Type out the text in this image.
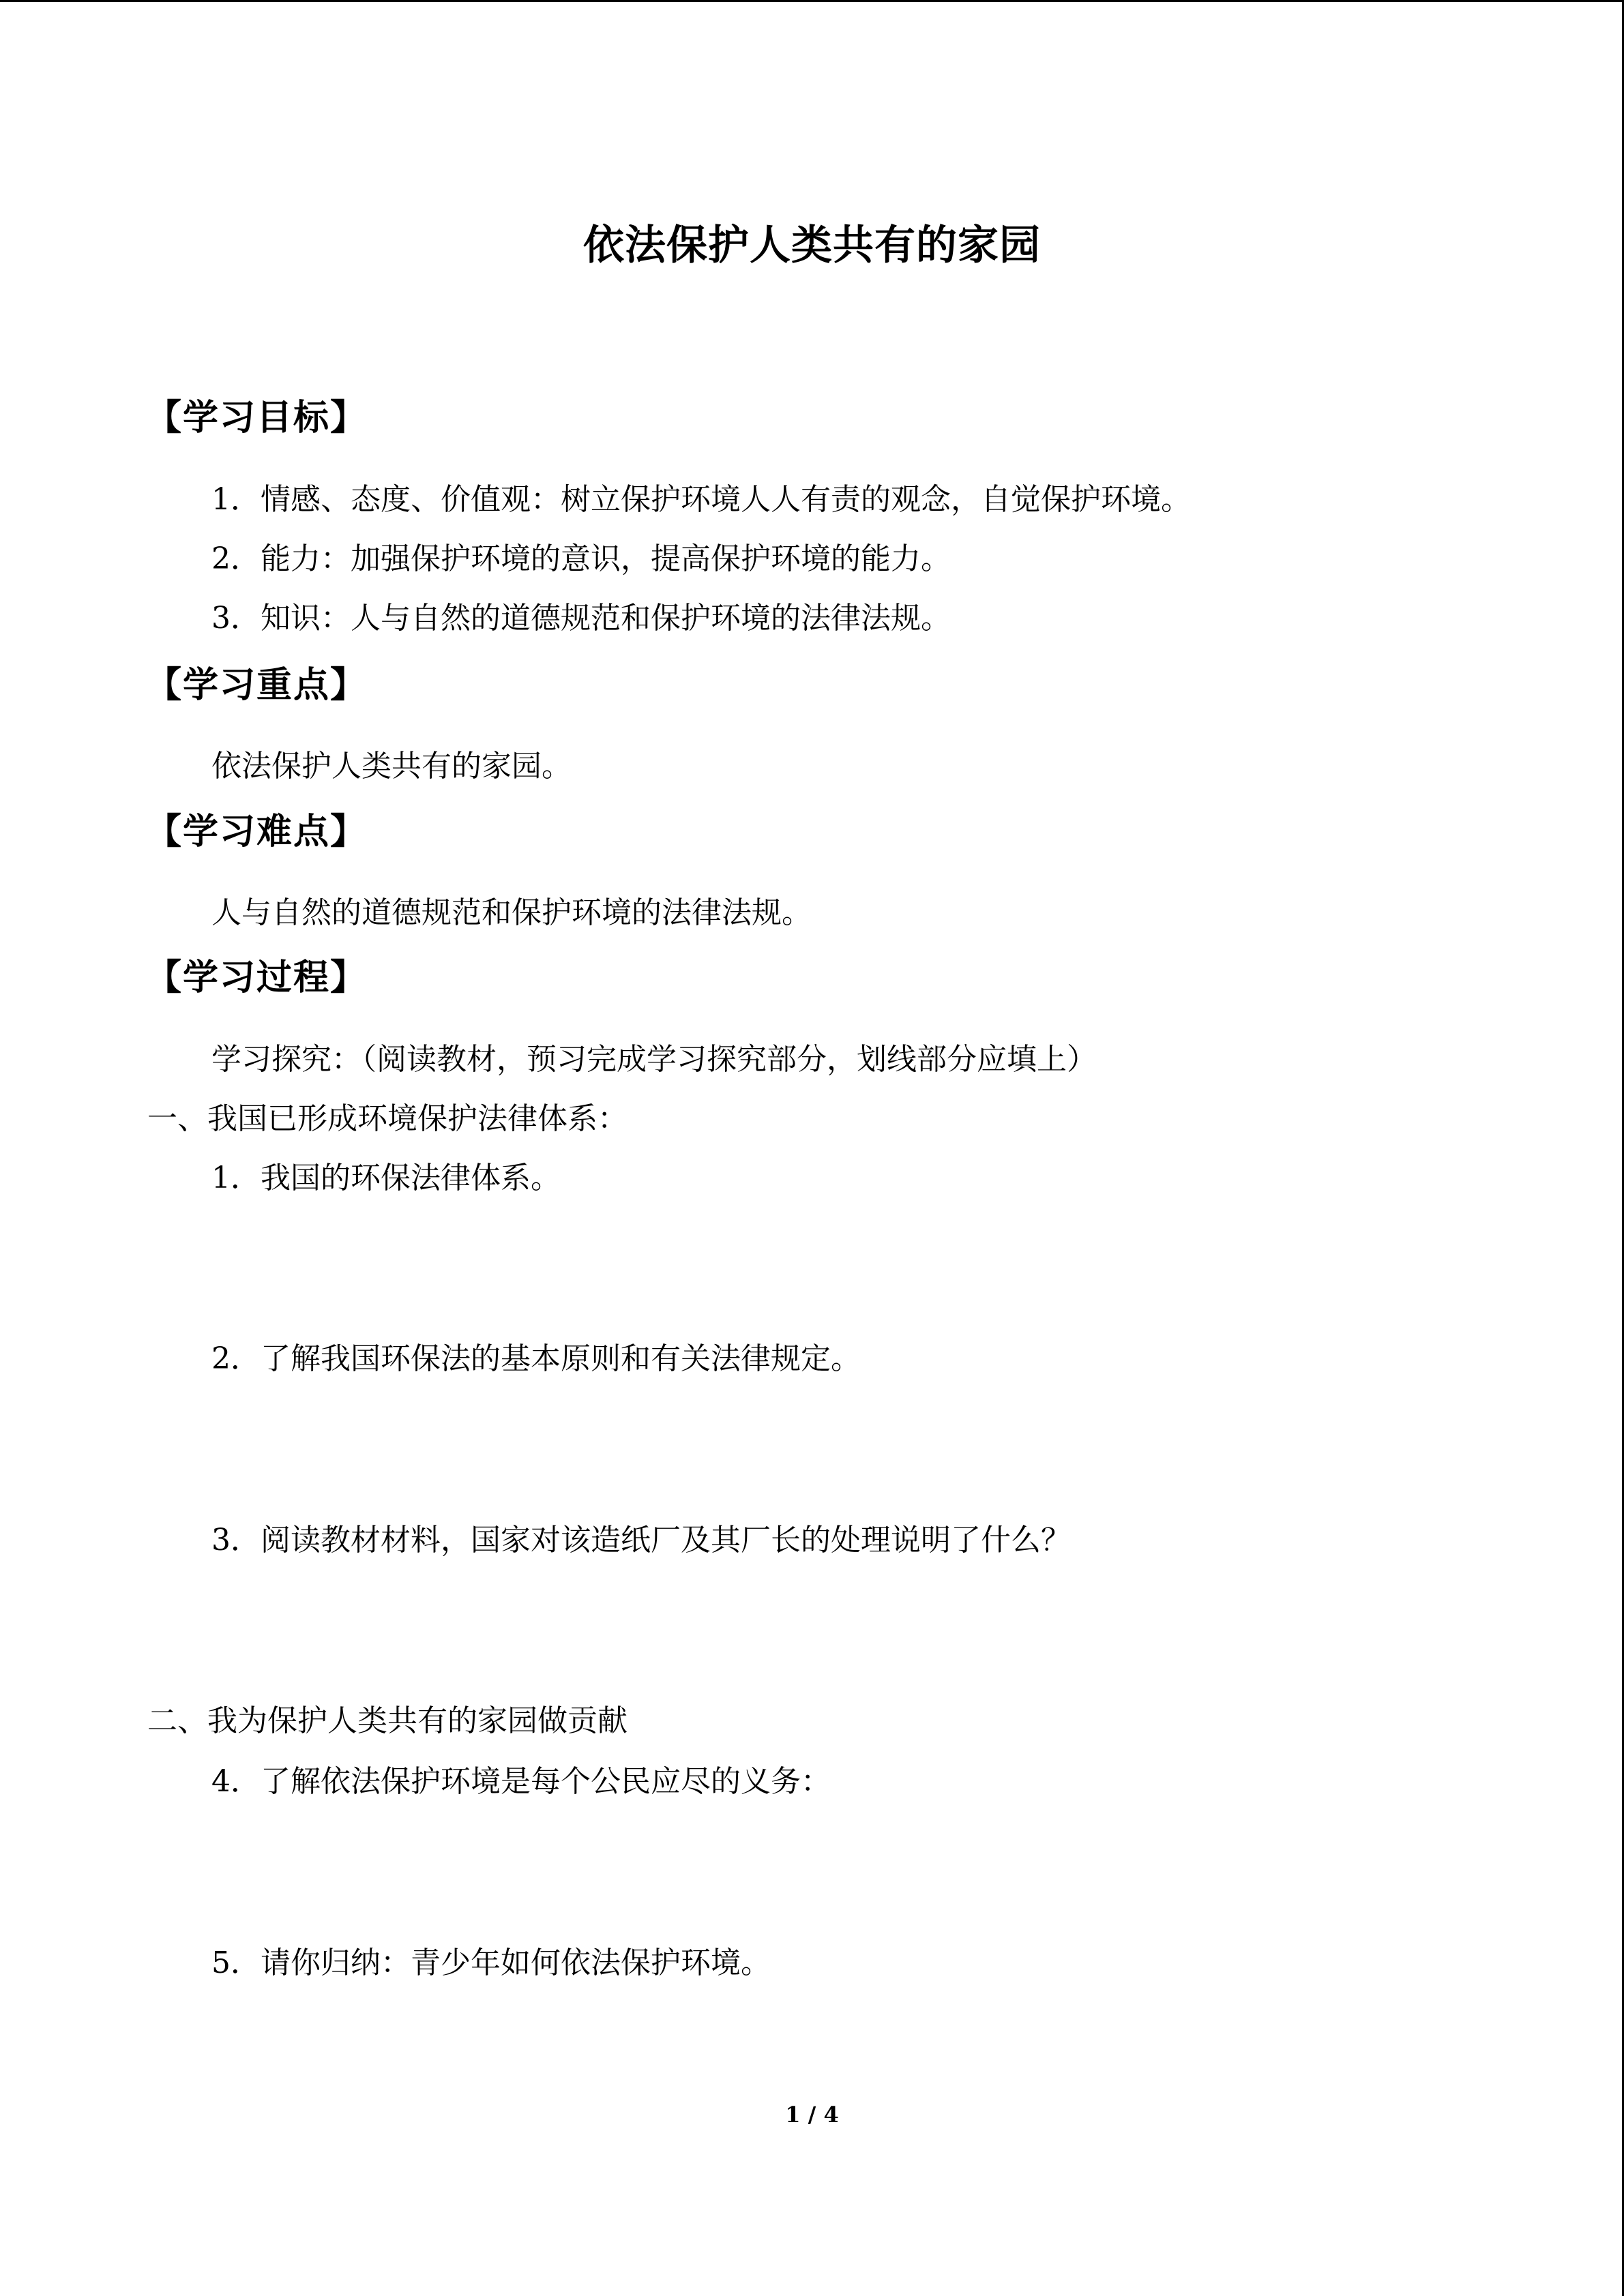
依法保护人类共有的家园
【学习目标】
1．情感、态度、价值观：树立保护环境人人有责的观念，自觉保护环境。
2．能力：加强保护环境的意识，提高保护环境的能力。
3．知识：人与自然的道德规范和保护环境的法律法规。
【学习重点】
依法保护人类共有的家园。
【学习难点】
人与自然的道德规范和保护环境的法律法规。
【学习过程】
学习探究：（阅读教材，预习完成学习探究部分，划线部分应填上）
一、我国已形成环境保护法律体系：
1．我国的环保法律体系。
2．了解我国环保法的基本原则和有关法律规定。
3．阅读教材材料，国家对该造纸厂及其厂长的处理说明了什么？
二、我为保护人类共有的家园做贡献
4．了解依法保护环境是每个公民应尽的义务：
5．请你归纳：青少年如何依法保护环境。
1 / 4
